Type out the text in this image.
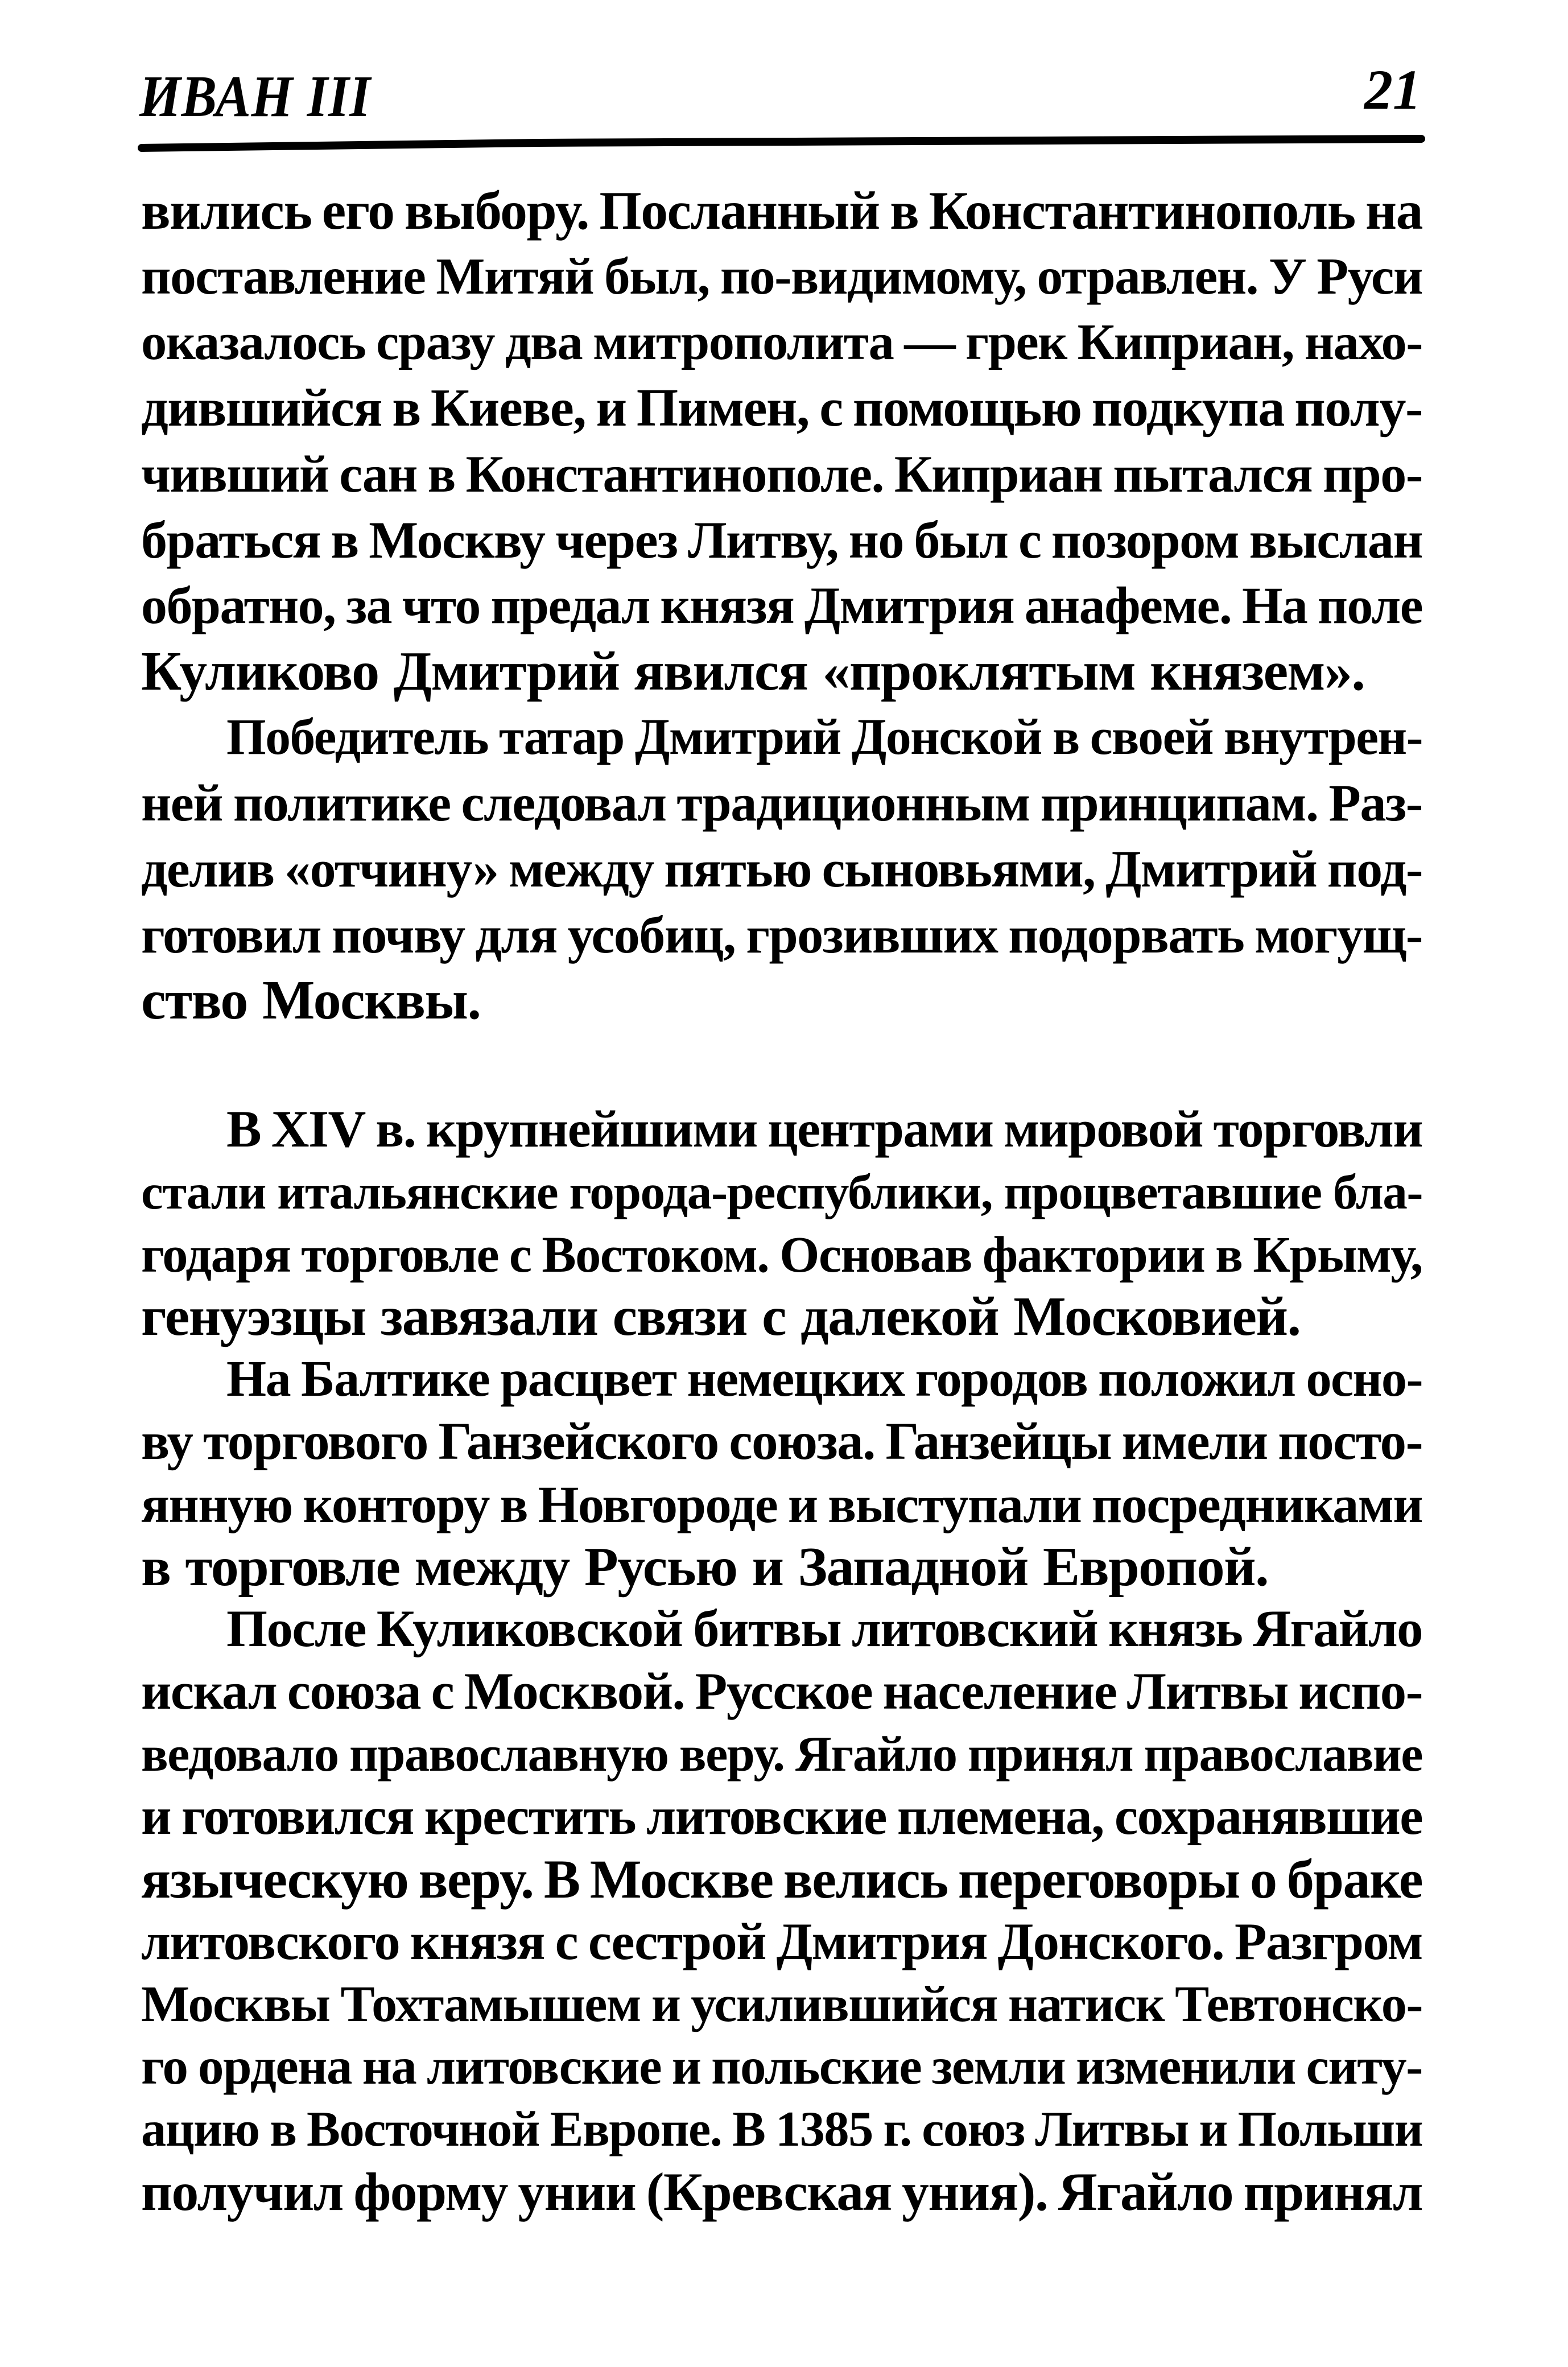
ИВАН III	21
вились его выбору. Посланный в Константинополь на
поставление Митяй был, по-видимому, отравлен. У Руси
оказалось сразу два митрополита — грек Киприан, нахо-
дившийся в Киеве, и Пимен, с помощью подкупа полу-
чивший сан в Константинополе. Киприан пытался про-
браться в Москву через Литву, но был с позором выслан
обратно, за что предал князя Дмитрия анафеме. На поле
Куликово Дмитрий явился «проклятым князем».
Победитель татар Дмитрий Донской в своей внутрен-
ней политике следовал традиционным принципам. Раз-
делив «отчину» между пятью сыновьями, Дмитрий под-
готовил почву для усобиц, грозивших подорвать могущ-
ство Москвы.
В XIV в. крупнейшими центрами мировой торговли
стали итальянские города-республики, процветавшие бла-
годаря торговле с Востоком. Основав фактории в Крыму,
генуэзцы завязали связи с далекой Московией.
На Балтике расцвет немецких городов положил осно-
ву торгового Ганзейского союза. Ганзейцы имели посто-
янную контору в Новгороде и выступали посредниками
в торговле между Русью и Западной Европой.
После Куликовской битвы литовский князь Ягайло
искал союза с Москвой. Русское население Литвы испо-
ведовало православную веру. Ягайло принял православие
и готовился крестить литовские племена, сохранявшие
языческую веру. В Москве велись переговоры о браке
литовского князя с сестрой Дмитрия Донского. Разгром
Москвы Тохтамышем и усилившийся натиск Тевтонско-
го ордена на литовские и польские земли изменили ситу-
ацию в Восточной Европе. В 1385 г. союз Литвы и Польши
получил форму унии (Кревская уния). Ягайло принял
